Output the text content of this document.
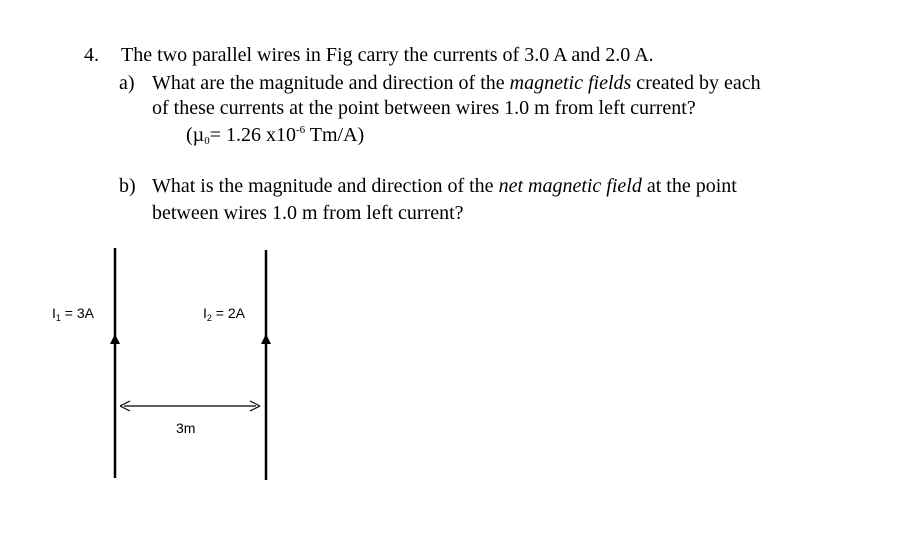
4. The two parallel wires in Fig carry the currents of 3.0 A and 2.0 A.
a) What are the magnitude and direction of the magnetic fields created by each
of these currents at the point between wires 1.0 m from left current?
(µ$_0$= 1.26 $x10^{-6}$ Tm/A)
b) What is the magnitude and direction of the net magnetic field at the point
between wires 1.0 m from left current?
$I_1 = 3A$	$I_2 = 2A$
3m
